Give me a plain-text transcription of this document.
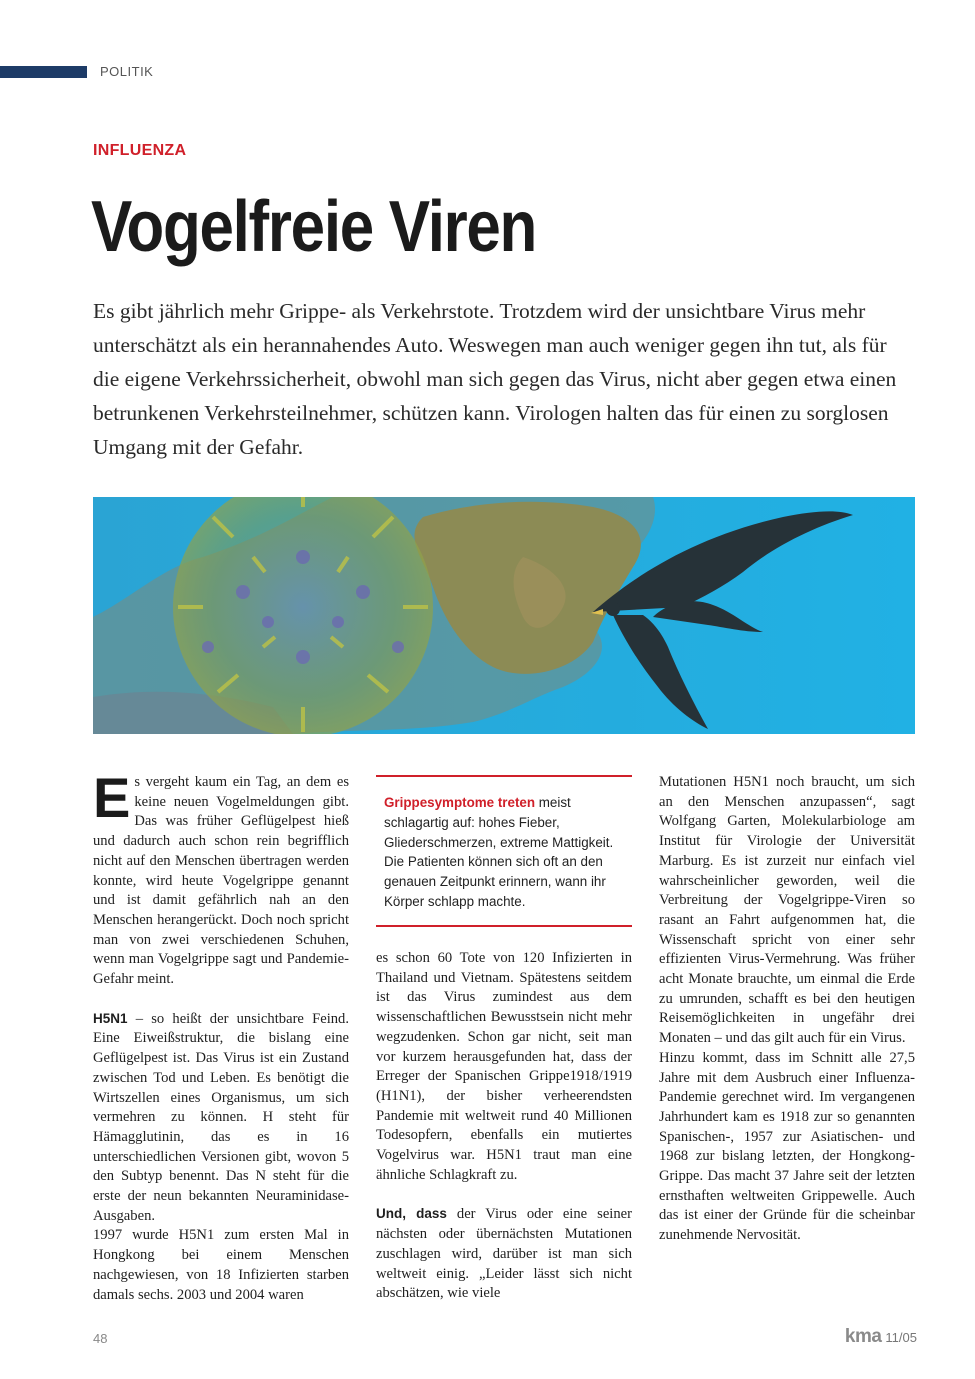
POLITIK
INFLUENZA
Vogelfreie Viren

Es gibt jährlich mehr Grippe- als Verkehrstote. Trotzdem wird der unsichtbare Virus mehr unterschätzt als ein herannahendes Auto. Weswegen man auch weniger gegen ihn tut, als für die eigene Verkehrssicherheit, obwohl man sich gegen das Virus, nicht aber gegen etwa einen betrunkenen Verkehrsteilnehmer, schützen kann. Virologen halten das für einen zu sorglosen Umgang mit der Gefahr.

Es vergeht kaum ein Tag, an dem es keine neuen Vogelmeldungen gibt. Das was früher Geflügelpest hieß und dadurch auch schon rein begrifflich nicht auf den Menschen übertragen werden konnte, wird heute Vogelgrippe genannt und ist damit gefährlich nah an den Menschen herangerückt. Doch noch spricht man von zwei verschiedenen Schuhen, wenn man Vogelgrippe sagt und Pandemie-Gefahr meint.

H5N1 – so heißt der unsichtbare Feind. Eine Eiweißstruktur, die bislang eine Geflügelpest ist. Das Virus ist ein Zustand zwischen Tod und Leben. Es benötigt die Wirtszellen eines Organismus, um sich vermehren zu können. H steht für Hämagglutinin, das es in 16 unterschiedlichen Versionen gibt, wovon 5 den Subtyp benennt. Das N steht für die erste der neun bekannten Neuraminidase-Ausgaben.

1997 wurde H5N1 zum ersten Mal in Hongkong bei einem Menschen nachgewiesen, von 18 Infizierten starben damals sechs. 2003 und 2004 waren

Grippesymptome treten meist schlagartig auf: hohes Fieber, Gliederschmerzen, extreme Mattigkeit. Die Patienten können sich oft an den genauen Zeitpunkt erinnern, wann ihr Körper schlapp machte.

es schon 60 Tote von 120 Infizierten in Thailand und Vietnam. Spätestens seitdem ist das Virus zumindest aus dem wissenschaftlichen Bewusstsein nicht mehr wegzudenken. Schon gar nicht, seit man vor kurzem herausgefunden hat, dass der Erreger der Spanischen Grippe1918/1919 (H1N1), der bisher verheerendsten Pandemie mit weltweit rund 40 Millionen Todesopfern, ebenfalls ein mutiertes Vogelvirus war. H5N1 traut man eine ähnliche Schlagkraft zu.

Und, dass der Virus oder eine seiner nächsten oder übernächsten Mutationen zuschlagen wird, darüber ist man sich weltweit einig. „Leider lässt sich nicht abschätzen, wie viele

Mutationen H5N1 noch braucht, um sich an den Menschen anzupassen“, sagt Wolfgang Garten, Molekularbiologe am Institut für Virologie der Universität Marburg. Es ist zurzeit nur einfach viel wahrscheinlicher geworden, weil die Verbreitung der Vogelgrippe-Viren so rasant an Fahrt aufgenommen hat, die Wissenschaft spricht von einer sehr effizienten Virus-Vermehrung. Was früher acht Monate brauchte, um einmal die Erde zu umrunden, schafft es bei den heutigen Reisemöglichkeiten in ungefähr drei Monaten – und das gilt auch für ein Virus.

Hinzu kommt, dass im Schnitt alle 27,5 Jahre mit dem Ausbruch einer Influenza-Pandemie gerechnet wird. Im vergangenen Jahrhundert kam es 1918 zur so genannten Spanischen-, 1957 zur Asiatischen- und 1968 zur bislang letzten, der Hongkong-Grippe. Das macht 37 Jahre seit der letzten ernsthaften weltweiten Grippewelle. Auch das ist einer der Gründe für die scheinbar zunehmende Nervosität.

48	kma 11/05
